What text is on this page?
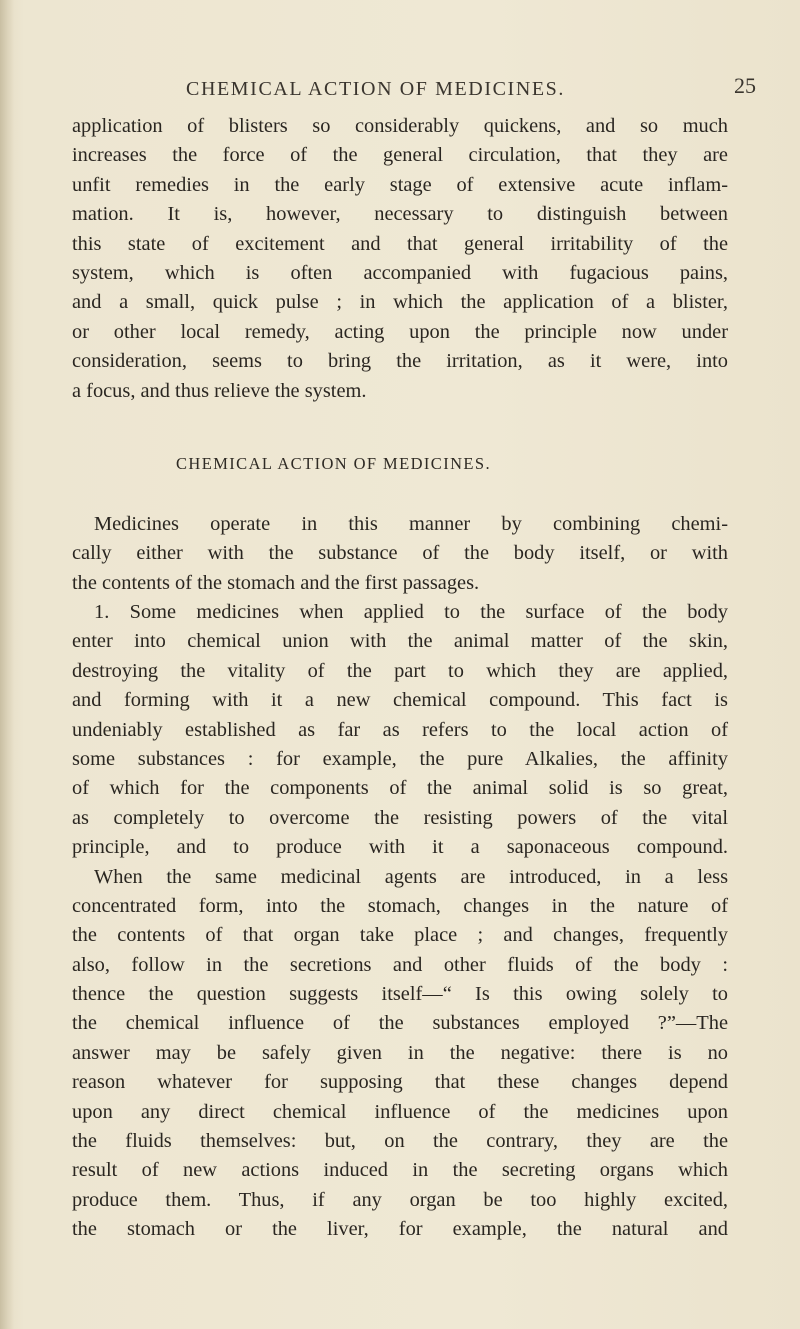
CHEMICAL ACTION OF MEDICINES.	25
application of blisters so considerably quickens, and so much
increases the force of the general circulation, that they are
unfit remedies in the early stage of extensive acute inflam-
mation. It is, however, necessary to distinguish between
this state of excitement and that general irritability of the
system, which is often accompanied with fugacious pains,
and a small, quick pulse ; in which the application of a blister,
or other local remedy, acting upon the principle now under
consideration, seems to bring the irritation, as it were, into
a focus, and thus relieve the system.
CHEMICAL ACTION OF MEDICINES.
Medicines operate in this manner by combining chemi-
cally either with the substance of the body itself, or with
the contents of the stomach and the first passages.
1. Some medicines when applied to the surface of the body
enter into chemical union with the animal matter of the skin,
destroying the vitality of the part to which they are applied,
and forming with it a new chemical compound. This fact is
undeniably established as far as refers to the local action of
some substances : for example, the pure Alkalies, the affinity
of which for the components of the animal solid is so great,
as completely to overcome the resisting powers of the vital
principle, and to produce with it a saponaceous compound.
When the same medicinal agents are introduced, in a less
concentrated form, into the stomach, changes in the nature of
the contents of that organ take place ; and changes, frequently
also, follow in the secretions and other fluids of the body :
thence the question suggests itself—“ Is this owing solely to
the chemical influence of the substances employed ?”—The
answer may be safely given in the negative: there is no
reason whatever for supposing that these changes depend
upon any direct chemical influence of the medicines upon
the fluids themselves: but, on the contrary, they are the
result of new actions induced in the secreting organs which
produce them. Thus, if any organ be too highly excited,
the stomach or the liver, for example, the natural and
